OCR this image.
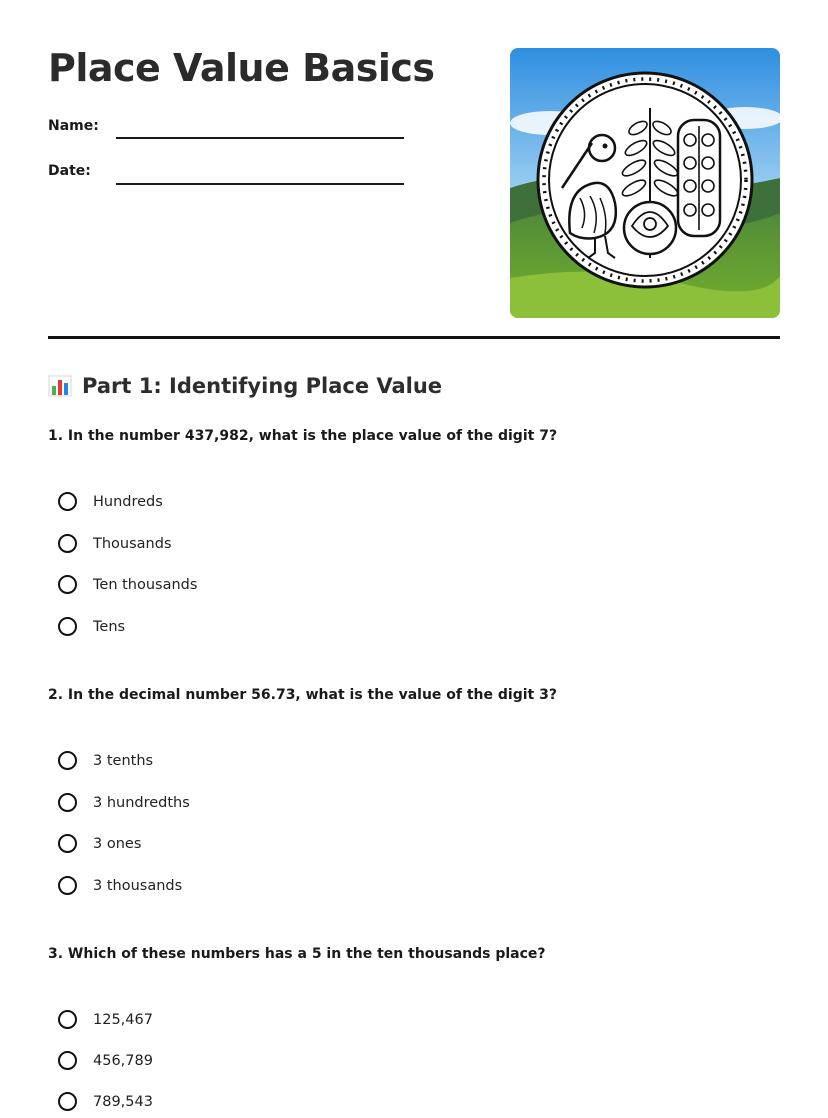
Place Value Basics
Name:
Date:
Part 1: Identifying Place Value

1. In the number 437,982, what is the place value of the digit 7?

Hundreds
Thousands
Ten thousands
Tens

2. In the decimal number 56.73, what is the value of the digit 3?

3 tenths
3 hundredths
3 ones
3 thousands

3. Which of these numbers has a 5 in the ten thousands place?

125,467
456,789
789,543
